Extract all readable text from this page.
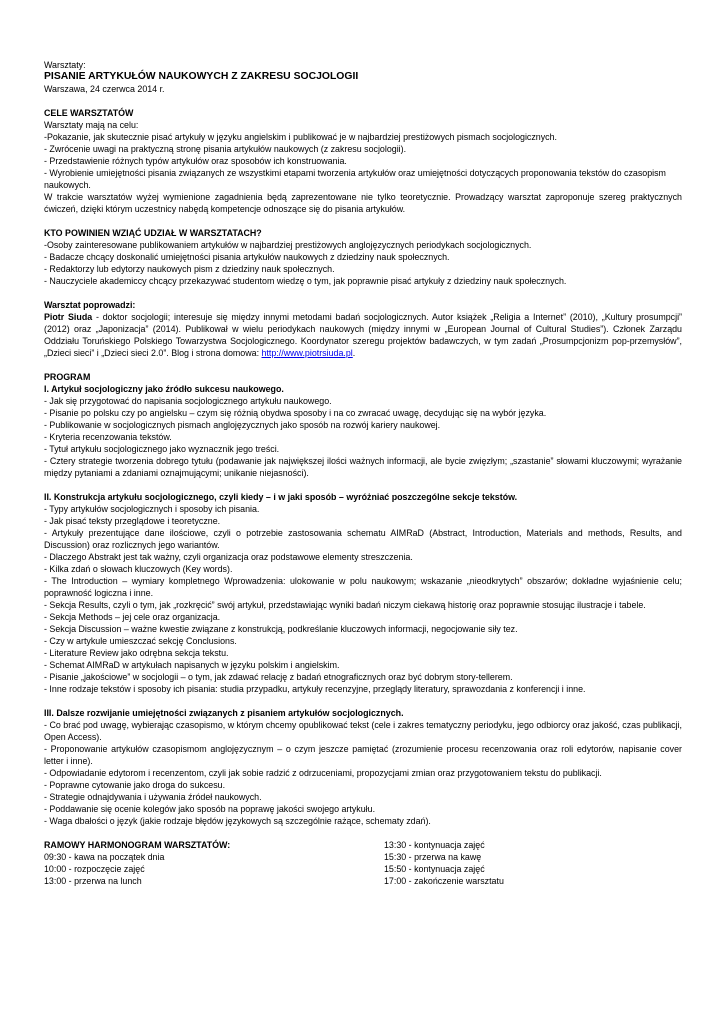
Warsztaty:

PISANIE ARTYKUŁÓW NAUKOWYCH Z ZAKRESU SOCJOLOGII

Warszawa, 24 czerwca 2014 r.

CELE WARSZTATÓW

Warsztaty mają na celu:

-Pokazanie, jak skutecznie pisać artykuły w języku angielskim i publikować je w najbardziej prestiżowych pismach socjologicznych.

- Zwrócenie uwagi na praktyczną stronę pisania artykułów naukowych (z zakresu socjologii).

- Przedstawienie różnych typów artykułów oraz sposobów ich konstruowania.

- Wyrobienie umiejętności pisania związanych ze wszystkimi etapami tworzenia artykułów oraz umiejętności dotyczących proponowania tekstów do czasopism naukowych.

W trakcie warsztatów wyżej wymienione zagadnienia będą zaprezentowane nie tylko teoretycznie. Prowadzący warsztat zaproponuje szereg praktycznych ćwiczeń, dzięki którym uczestnicy nabędą kompetencje odnoszące się do pisania artykułów.

KTO POWINIEN WZIĄĆ UDZIAŁ W WARSZTATACH?

-Osoby zainteresowane publikowaniem artykułów w najbardziej prestiżowych anglojęzycznych periodykach socjologicznych.

- Badacze chcący doskonalić umiejętności pisania artykułów naukowych z dziedziny nauk społecznych.

- Redaktorzy lub edytorzy naukowych pism z dziedziny nauk społecznych.

- Nauczyciele akademiccy chcący przekazywać studentom wiedzę o tym, jak poprawnie pisać artykuły z dziedziny nauk społecznych.

Warsztat poprowadzi:

Piotr Siuda - doktor socjologii; interesuje się między innymi metodami badań socjologicznych. Autor książek „Religia a Internet” (2010), „Kultury prosumpcji” (2012) oraz „Japonizacja” (2014). Publikował w wielu periodykach naukowych (między innymi w „European Journal of Cultural Studies”). Członek Zarządu Oddziału Toruńskiego Polskiego Towarzystwa Socjologicznego. Koordynator szeregu projektów badawczych, w tym zadań „Prosumpcjonizm pop-przemysłów”, „Dzieci sieci” i „Dzieci sieci 2.0”. Blog i strona domowa: http://www.piotrsiuda.pl.

PROGRAM

I. Artykuł socjologiczny jako źródło sukcesu naukowego.

- Jak się przygotować do napisania socjologicznego artykułu naukowego.

- Pisanie po polsku czy po angielsku – czym się różnią obydwa sposoby i na co zwracać uwagę, decydując się na wybór języka.

- Publikowanie w socjologicznych pismach anglojęzycznych jako sposób na rozwój kariery naukowej.

- Kryteria recenzowania tekstów.

- Tytuł artykułu socjologicznego jako wyznacznik jego treści.

- Cztery strategie tworzenia dobrego tytułu (podawanie jak największej ilości ważnych informacji, ale bycie zwięzłym; „szastanie” słowami kluczowymi; wyrażanie między pytaniami a zdaniami oznajmującymi; unikanie niejasności).

II. Konstrukcja artykułu socjologicznego, czyli kiedy – i w jaki sposób – wyróżniać poszczególne sekcje tekstów.

- Typy artykułów socjologicznych i sposoby ich pisania.

- Jak pisać teksty przeglądowe i teoretyczne.

- Artykuły prezentujące dane ilościowe, czyli o potrzebie zastosowania schematu AIMRaD (Abstract, Introduction, Materials and methods, Results, and Discussion) oraz rozlicznych jego wariantów.

- Dlaczego Abstrakt jest tak ważny, czyli organizacja oraz podstawowe elementy streszczenia.

- Kilka zdań o słowach kluczowych (Key words).

- The Introduction – wymiary kompletnego Wprowadzenia: ulokowanie w polu naukowym; wskazanie „nieodkrytych” obszarów; dokładne wyjaśnienie celu; poprawność logiczna i inne.

- Sekcja Results, czyli o tym, jak „rozkręcić” swój artykuł, przedstawiając wyniki badań niczym ciekawą historię oraz poprawnie stosując ilustracje i tabele.

- Sekcja Methods – jej cele oraz organizacja.

- Sekcja Discussion – ważne kwestie związane z konstrukcją, podkreślanie kluczowych informacji, negocjowanie siły tez.

- Czy w artykule umieszczać sekcję Conclusions.

- Literature Review jako odrębna sekcja tekstu.

- Schemat AIMRaD w artykułach napisanych w języku polskim i angielskim.

- Pisanie „jakościowe” w socjologii – o tym, jak zdawać relację z badań etnograficznych oraz być dobrym story-tellerem.

- Inne rodzaje tekstów i sposoby ich pisania: studia przypadku, artykuły recenzyjne, przeglądy literatury, sprawozdania z konferencji i inne.

III. Dalsze rozwijanie umiejętności związanych z pisaniem artykułów socjologicznych.

- Co brać pod uwagę, wybierając czasopismo, w którym chcemy opublikować tekst (cele i zakres tematyczny periodyku, jego odbiorcy oraz jakość, czas publikacji, Open Access).

- Proponowanie artykułów czasopismom anglojęzycznym – o czym jeszcze pamiętać (zrozumienie procesu recenzowania oraz roli edytorów, napisanie cover letter i inne).

- Odpowiadanie edytorom i recenzentom, czyli jak sobie radzić z odrzuceniami, propozycjami zmian oraz przygotowaniem tekstu do publikacji.

- Poprawne cytowanie jako droga do sukcesu.

- Strategie odnajdywania i używania źródeł naukowych.

- Poddawanie się ocenie kolegów jako sposób na poprawę jakości swojego artykułu.

- Waga dbałości o język (jakie rodzaje błędów językowych są szczególnie rażące, schematy zdań).

RAMOWY HARMONOGRAM WARSZTATÓW:

09:30 - kawa na początek dnia

10:00 - rozpoczęcie zajęć

13:00 - przerwa na lunch

13:30 - kontynuacja zajęć

15:30 - przerwa na kawę

15:50 - kontynuacja zajęć

17:00 - zakończenie warsztatu
